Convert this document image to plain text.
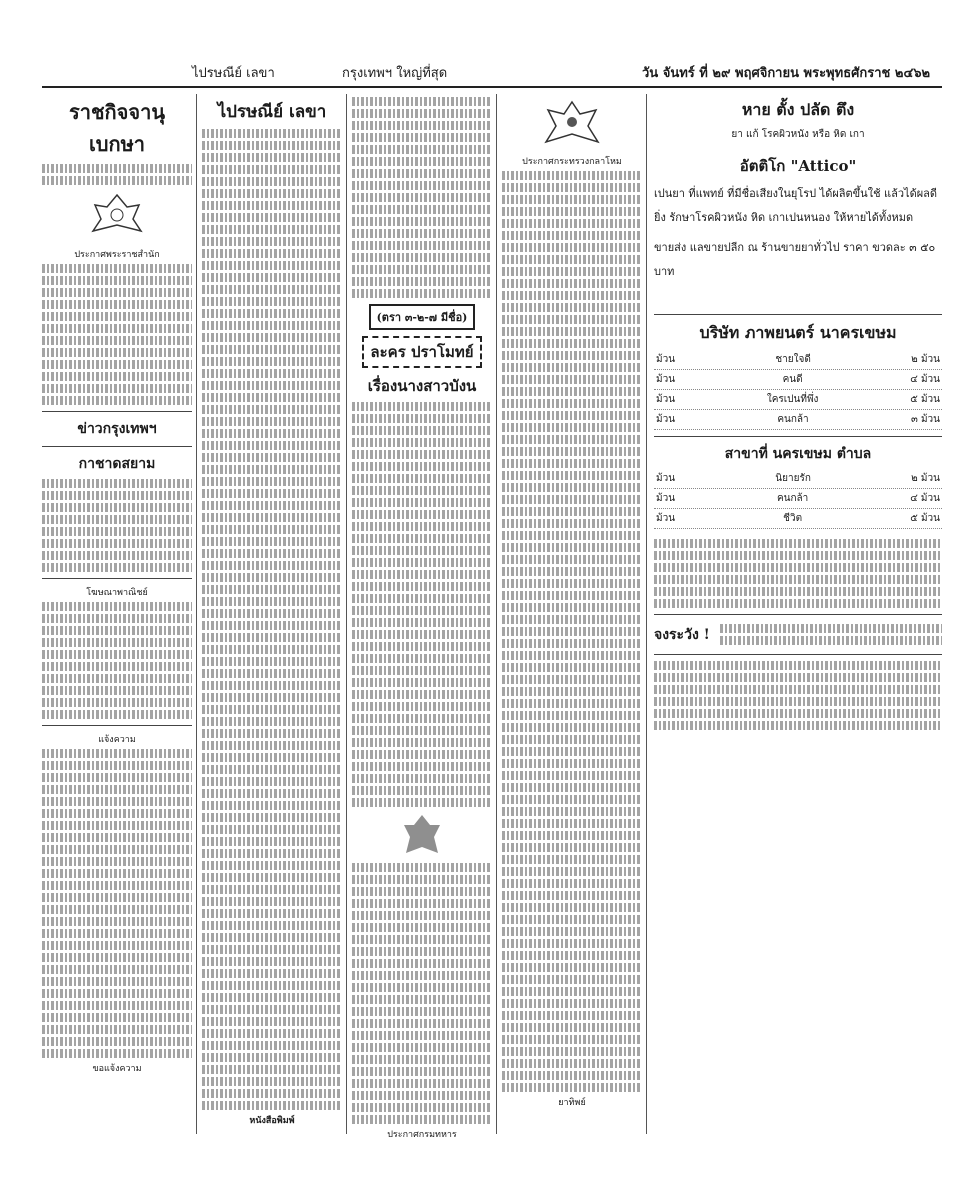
ไปรษณีย์ เลขา	กรุงเทพฯ ใหญ่ที่สุด	วัน จันทร์ ที่ ๒๙ พฤศจิกายน พระพุทธศักราช ๒๔๖๒
ราชกิจจานุเบกษา
ประกาศพระราชสำนัก
ข่าวกรุงเทพฯ
กาชาดสยาม
โฆษณาพาณิชย์
แจ้งความ
ขอแจ้งความ
ไปรษณีย์ เลขา
หนังสือพิมพ์
(ตรา ๓-๒-๗ มีชื่อ)
ละคร ปราโมทย์
เรื่องนางสาวบังน
ประกาศกรมทหาร
ประกาศกระทรวงกลาโหม
ยาทิพย์
หาย ตั้ง ปลัด ตึง
ยา แก้ โรคผิวหนัง หรือ หิด เกา
อัตติโก "Attico"

เปนยา ที่แพทย์ ที่มีชื่อเสียงในยุโรป ได้ผลิตขึ้นใช้ แล้วได้ผลดียิ่ง รักษาโรคผิวหนัง หิด เกาเปนหนอง ให้หายได้ทั้งหมด

ขายส่ง แลขายปลีก ณ ร้านขายยาทั่วไป ราคา ขวดละ ๓ ๕๐ บาท

บริษัท ภาพยนตร์ นาครเขษม
ม้วน	ชายใจดี	๒ ม้วน
ม้วน	คนดี	๔ ม้วน
ม้วน	ใครเปนที่พึ่ง	๕ ม้วน
ม้วน	คนกล้า	๓ ม้วน
สาขาที่ นครเขษม ตำบล
ม้วน	นิยายรัก	๒ ม้วน
ม้วน	คนกล้า	๔ ม้วน
ม้วน	ชีวิต	๕ ม้วน
จงระวัง !
